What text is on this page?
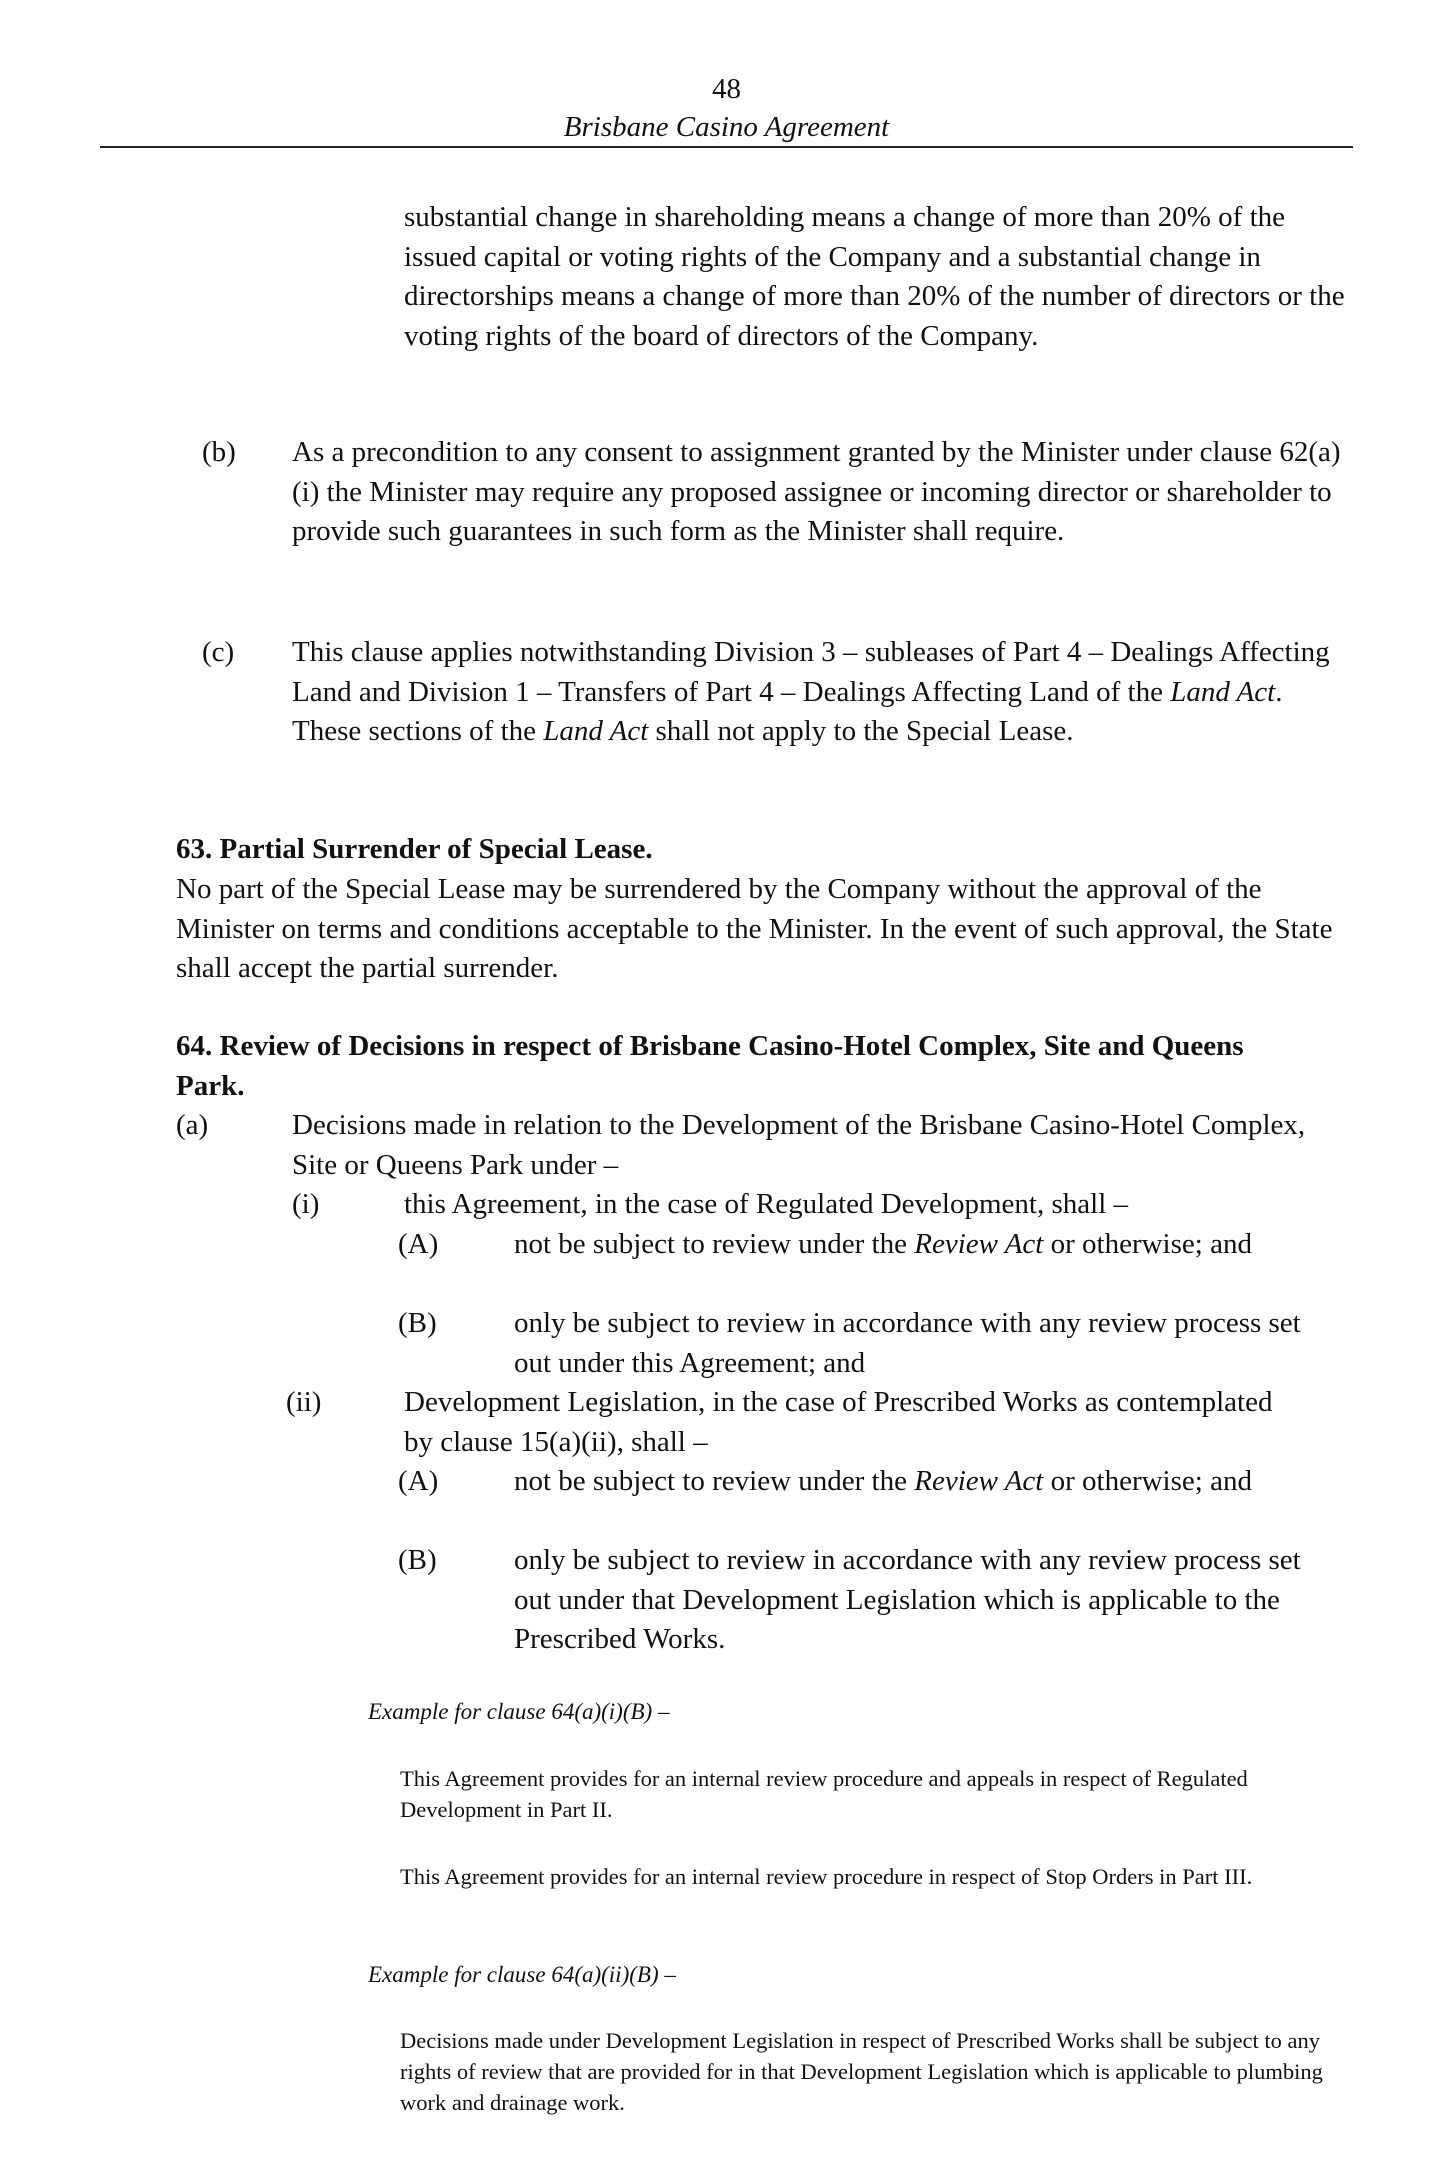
48
Brisbane Casino Agreement

substantial change in shareholding means a change of more than 20% of the issued capital or voting rights of the Company and a substantial change in directorships means a change of more than 20% of the number of directors or the voting rights of the board of directors of the Company.

(b) As a precondition to any consent to assignment granted by the Minister under clause 62(a)(i) the Minister may require any proposed assignee or incoming director or shareholder to provide such guarantees in such form as the Minister shall require.

(c) This clause applies notwithstanding Division 3 – subleases of Part 4 – Dealings Affecting Land and Division 1 – Transfers of Part 4 – Dealings Affecting Land of the Land Act. These sections of the Land Act shall not apply to the Special Lease.

63. Partial Surrender of Special Lease.

No part of the Special Lease may be surrendered by the Company without the approval of the Minister on terms and conditions acceptable to the Minister. In the event of such approval, the State shall accept the partial surrender.

64. Review of Decisions in respect of Brisbane Casino-Hotel Complex, Site and Queens Park.

(a)	Decisions made in relation to the Development of the Brisbane Casino-Hotel Complex, Site or Queens Park under –

(i)	this Agreement, in the case of Regulated Development, shall –

(A)	not be subject to review under the Review Act or otherwise; and

(B)	only be subject to review in accordance with any review process set out under this Agreement; and

(ii)	Development Legislation, in the case of Prescribed Works as contemplated by clause 15(a)(ii), shall –

(A)	not be subject to review under the Review Act or otherwise; and

(B)	only be subject to review in accordance with any review process set out under that Development Legislation which is applicable to the Prescribed Works.

Example for clause 64(a)(i)(B) –

This Agreement provides for an internal review procedure and appeals in respect of Regulated Development in Part II.

This Agreement provides for an internal review procedure in respect of Stop Orders in Part III.

Example for clause 64(a)(ii)(B) –

Decisions made under Development Legislation in respect of Prescribed Works shall be subject to any rights of review that are provided for in that Development Legislation which is applicable to plumbing work and drainage work.
